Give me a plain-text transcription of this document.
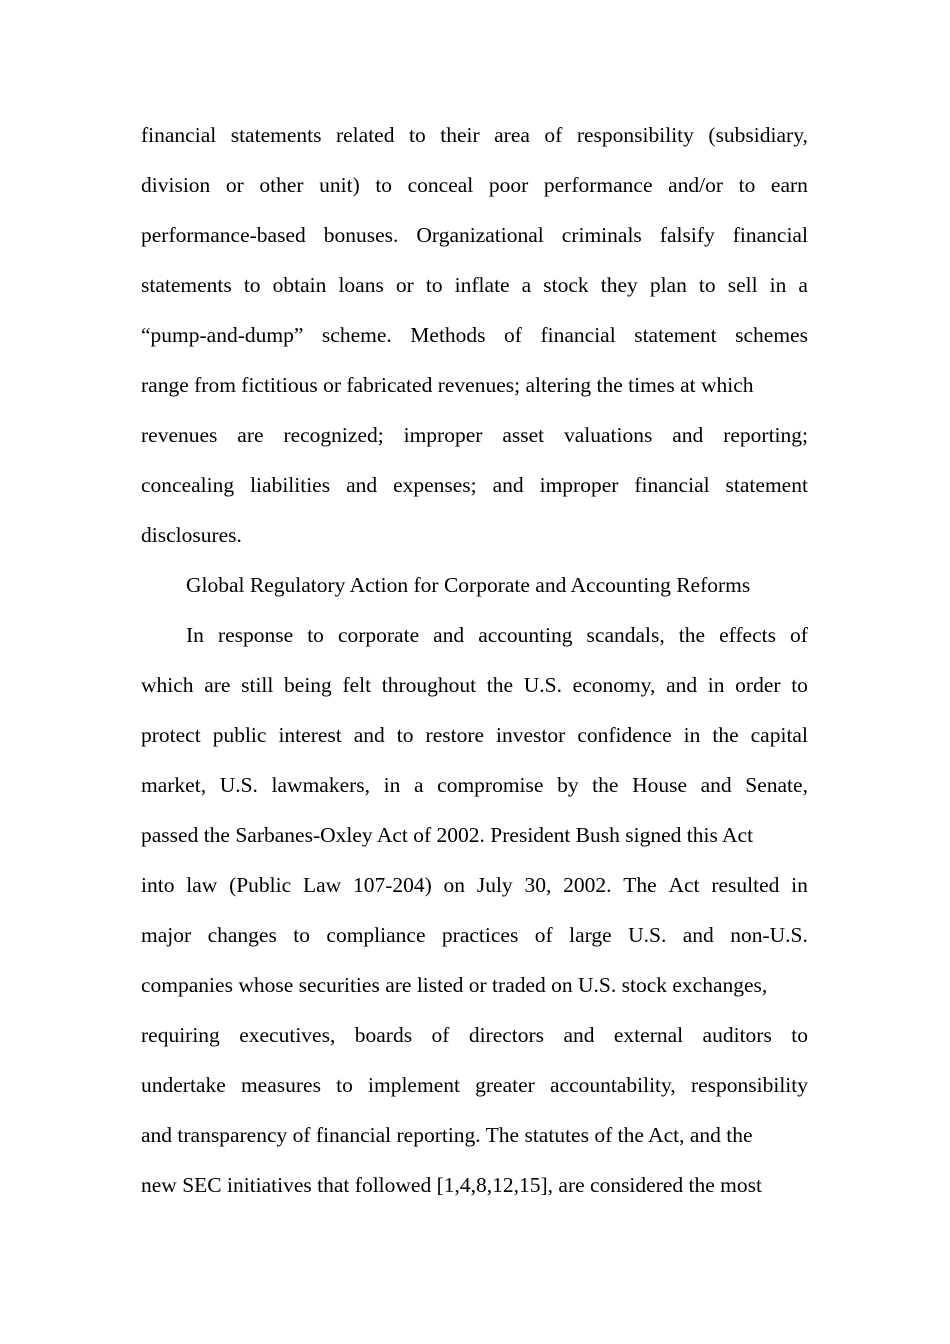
financial statements related to their area of responsibility (subsidiary,
division or other unit) to conceal poor performance and/or to earn
performance-based bonuses. Organizational criminals falsify financial
statements to obtain loans or to inflate a stock they plan to sell in a
“pump-and-dump” scheme. Methods of financial statement schemes
range from fictitious or fabricated revenues; altering the times at which
revenues are recognized; improper asset valuations and reporting;
concealing liabilities and expenses; and improper financial statement
disclosures.
Global Regulatory Action for Corporate and Accounting Reforms
In response to corporate and accounting scandals, the effects of
which are still being felt throughout the U.S. economy, and in order to
protect public interest and to restore investor confidence in the capital
market, U.S. lawmakers, in a compromise by the House and Senate,
passed the Sarbanes-Oxley Act of 2002. President Bush signed this Act
into law (Public Law 107-204) on July 30, 2002. The Act resulted in
major changes to compliance practices of large U.S. and non-U.S.
companies whose securities are listed or traded on U.S. stock exchanges,
requiring executives, boards of directors and external auditors to
undertake measures to implement greater accountability, responsibility
and transparency of financial reporting. The statutes of the Act, and the
new SEC initiatives that followed [1,4,8,12,15], are considered the most
